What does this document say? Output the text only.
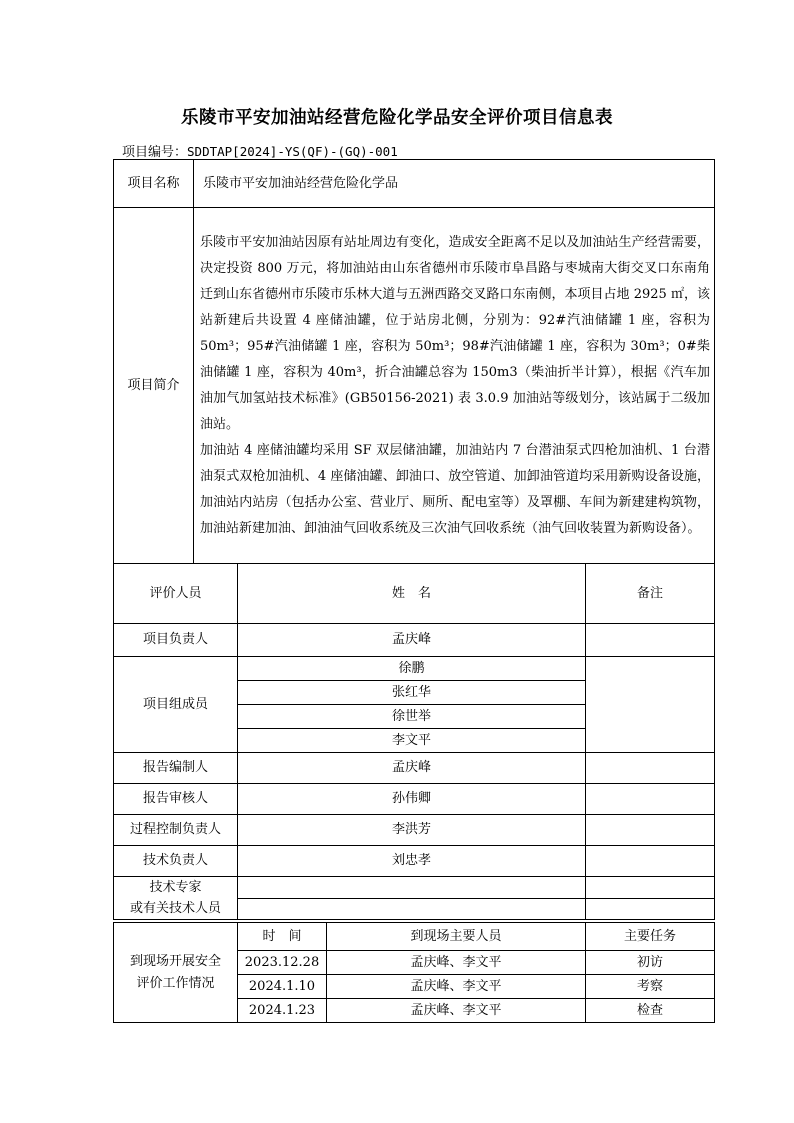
乐陵市平安加油站经营危险化学品安全评价项目信息表
项目编号：SDDTAP[2024]-YS(QF)-(GQ)-001
项目名称	乐陵市平安加油站经营危险化学品
项目简介	乐陵市平安加油站因原有站址周边有变化，造成安全距离不足以及加油站生产经营需要，决定投资 800 万元，将加油站由山东省德州市乐陵市阜昌路与枣城南大街交叉口东南角迁到山东省德州市乐陵市乐林大道与五洲西路交叉路口东南侧，本项目占地 2925 ㎡，该站新建后共设置 4 座储油罐，位于站房北侧，分别为：92#汽油储罐 1 座，容积为 50m³；95#汽油储罐 1 座，容积为 50m³；98#汽油储罐 1 座，容积为 30m³；0#柴油储罐 1 座，容积为 40m³，折合油罐总容为 150m3（柴油折半计算），根据《汽车加油加气加氢站技术标准》(GB50156-2021) 表 3.0.9 加油站等级划分，该站属于二级加油站。

加油站 4 座储油罐均采用 SF 双层储油罐，加油站内 7 台潜油泵式四枪加油机、1 台潜油泵式双枪加油机、4 座储油罐、卸油口、放空管道、加卸油管道均采用新购设备设施，加油站内站房（包括办公室、营业厅、厕所、配电室等）及罩棚、车间为新建建构筑物，加油站新建加油、卸油油气回收系统及三次油气回收系统（油气回收装置为新购设备）。

评价人员	姓　名	备注
项目负责人	孟庆峰	
项目组成员	徐鹏	
	张红华	
	徐世举	
	李文平	
报告编制人	孟庆峰	
报告审核人	孙伟卿	
过程控制负责人	李洪芳	
技术负责人	刘忠孝	

技术专家
或有关技术人员		

到现场开展安全
评价工作情况	时　间	到现场主要人员	主要任务
	2023.12.28	孟庆峰、李文平	初访
	2024.1.10	孟庆峰、李文平	考察
	2024.1.23	孟庆峰、李文平	检查
